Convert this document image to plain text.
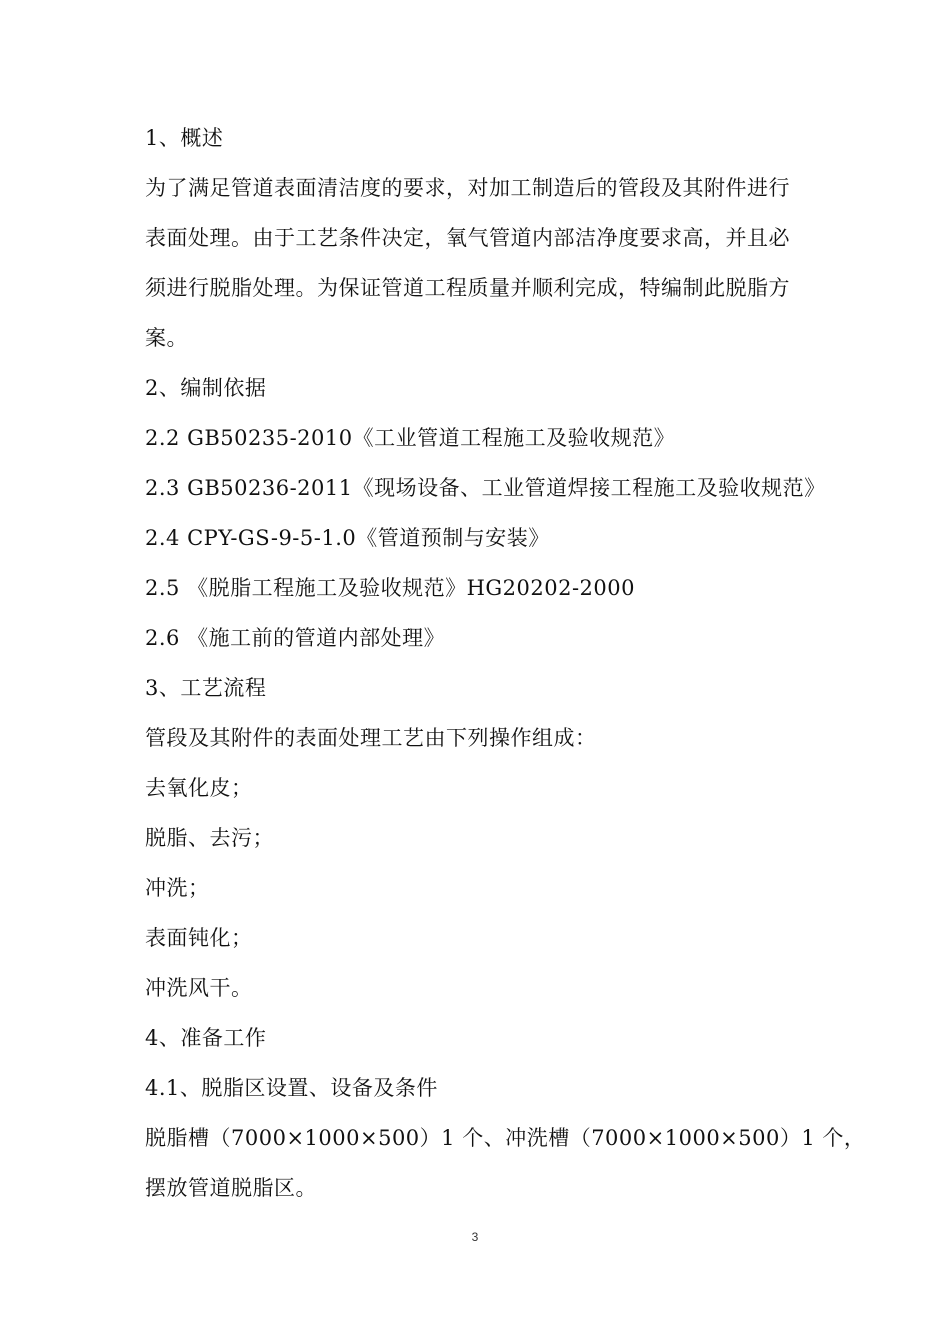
1、概述
为了满足管道表面清洁度的要求，对加工制造后的管段及其附件进行
表面处理。由于工艺条件决定，氧气管道内部洁净度要求高，并且必
须进行脱脂处理。为保证管道工程质量并顺利完成，特编制此脱脂方
案。
2、编制依据
2.2 GB50235-2010《工业管道工程施工及验收规范》
2.3 GB50236-2011《现场设备、工业管道焊接工程施工及验收规范》
2.4 CPY-GS-9-5-1.0《管道预制与安装》
2.5 《脱脂工程施工及验收规范》HG20202-2000
2.6 《施工前的管道内部处理》
3、工艺流程
管段及其附件的表面处理工艺由下列操作组成：
去氧化皮；
脱脂、去污；
冲洗；
表面钝化；
冲洗风干。
4、准备工作
4.1、脱脂区设置、设备及条件
脱脂槽（7000×1000×500）1 个、冲洗槽（7000×1000×500）1 个，
摆放管道脱脂区。
3
